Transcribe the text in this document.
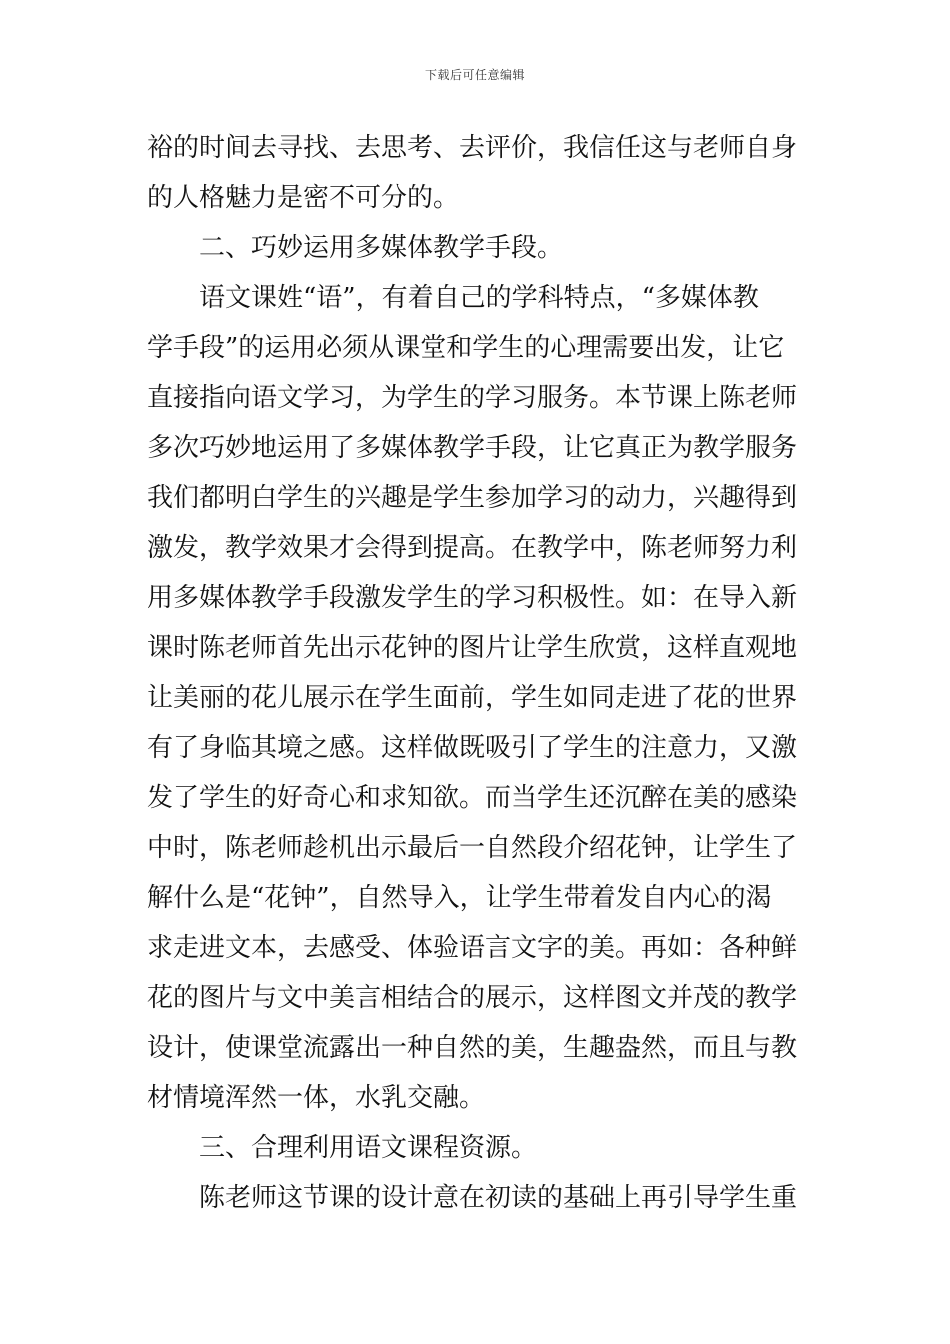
下载后可任意编辑
裕的时间去寻找、去思考、去评价，我信任这与老师自身
的人格魅力是密不可分的。
二、巧妙运用多媒体教学手段。
语文课姓“语”，有着自己的学科特点，“多媒体教
学手段”的运用必须从课堂和学生的心理需要出发，让它
直接指向语文学习，为学生的学习服务。本节课上陈老师
多次巧妙地运用了多媒体教学手段，让它真正为教学服务
我们都明白学生的兴趣是学生参加学习的动力，兴趣得到
激发，教学效果才会得到提高。在教学中，陈老师努力利
用多媒体教学手段激发学生的学习积极性。如：在导入新
课时陈老师首先出示花钟的图片让学生欣赏，这样直观地
让美丽的花儿展示在学生面前，学生如同走进了花的世界
有了身临其境之感。这样做既吸引了学生的注意力，又激
发了学生的好奇心和求知欲。而当学生还沉醉在美的感染
中时，陈老师趁机出示最后一自然段介绍花钟，让学生了
解什么是“花钟”，自然导入，让学生带着发自内心的渴
求走进文本，去感受、体验语言文字的美。再如：各种鲜
花的图片与文中美言相结合的展示，这样图文并茂的教学
设计，使课堂流露出一种自然的美，生趣盎然，而且与教
材情境浑然一体，水乳交融。
三、合理利用语文课程资源。
陈老师这节课的设计意在初读的基础上再引导学生重
